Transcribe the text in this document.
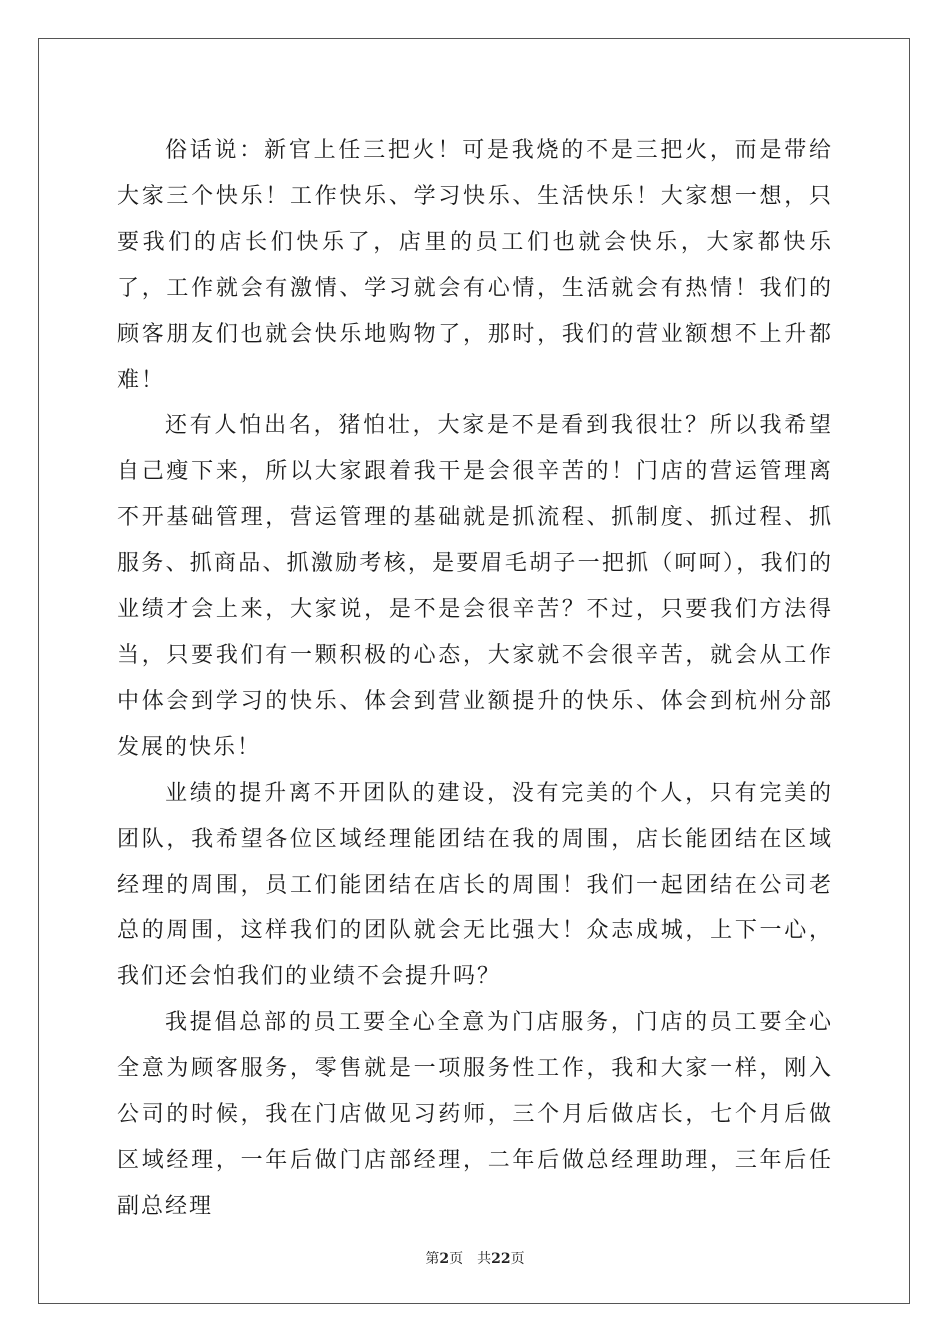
俗话说：新官上任三把火！可是我烧的不是三把火，而是带给大家三个快乐！工作快乐、学习快乐、生活快乐！大家想一想，只要我们的店长们快乐了，店里的员工们也就会快乐，大家都快乐了，工作就会有激情、学习就会有心情，生活就会有热情！我们的顾客朋友们也就会快乐地购物了，那时，我们的营业额想不上升都难！

还有人怕出名，猪怕壮，大家是不是看到我很壮？所以我希望自己瘦下来，所以大家跟着我干是会很辛苦的！门店的营运管理离不开基础管理，营运管理的基础就是抓流程、抓制度、抓过程、抓服务、抓商品、抓激励考核，是要眉毛胡子一把抓（呵呵），我们的业绩才会上来，大家说，是不是会很辛苦？不过，只要我们方法得当，只要我们有一颗积极的心态，大家就不会很辛苦，就会从工作中体会到学习的快乐、体会到营业额提升的快乐、体会到杭州分部发展的快乐！

业绩的提升离不开团队的建设，没有完美的个人，只有完美的团队，我希望各位区域经理能团结在我的周围，店长能团结在区域经理的周围，员工们能团结在店长的周围！我们一起团结在公司老总的周围，这样我们的团队就会无比强大！众志成城，上下一心，我们还会怕我们的业绩不会提升吗？

我提倡总部的员工要全心全意为门店服务，门店的员工要全心全意为顾客服务，零售就是一项服务性工作，我和大家一样，刚入公司的时候，我在门店做见习药师，三个月后做店长，七个月后做区域经理，一年后做门店部经理，二年后做总经理助理，三年后任副总经理

第2页 共22页
